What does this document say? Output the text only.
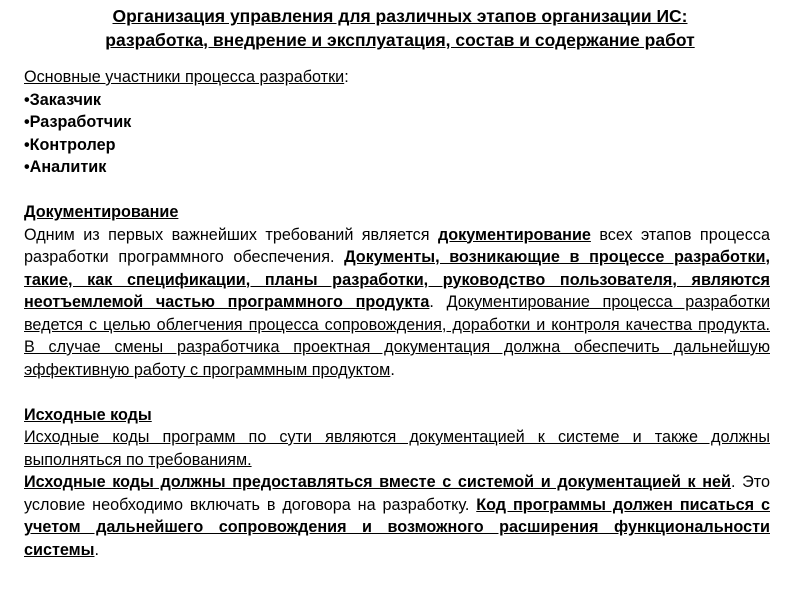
Организация управления для различных этапов организации ИС:
разработка, внедрение и эксплуатация, состав и содержание работ

Основные участники процесса разработки:

•Заказчик
•Разработчик
•Контролер
•Аналитик

Документирование

Одним из первых важнейших требований является документирование всех этапов процесса разработки программного обеспечения. Документы, возникающие в процессе разработки, такие, как спецификации, планы разработки, руководство пользователя, являются неотъемлемой частью программного продукта. Документирование процесса разработки ведется с целью облегчения процесса сопровождения, доработки и контроля качества продукта. В случае смены разработчика проектная документация должна обеспечить дальнейшую эффективную работу с программным продуктом.

Исходные коды

Исходные коды программ по сути являются документацией к системе и также должны выполняться по требованиям.

Исходные коды должны предоставляться вместе с системой и документацией к ней. Это условие необходимо включать в договора на разработку. Код программы должен писаться с учетом дальнейшего сопровождения и возможного расширения функциональности системы.
